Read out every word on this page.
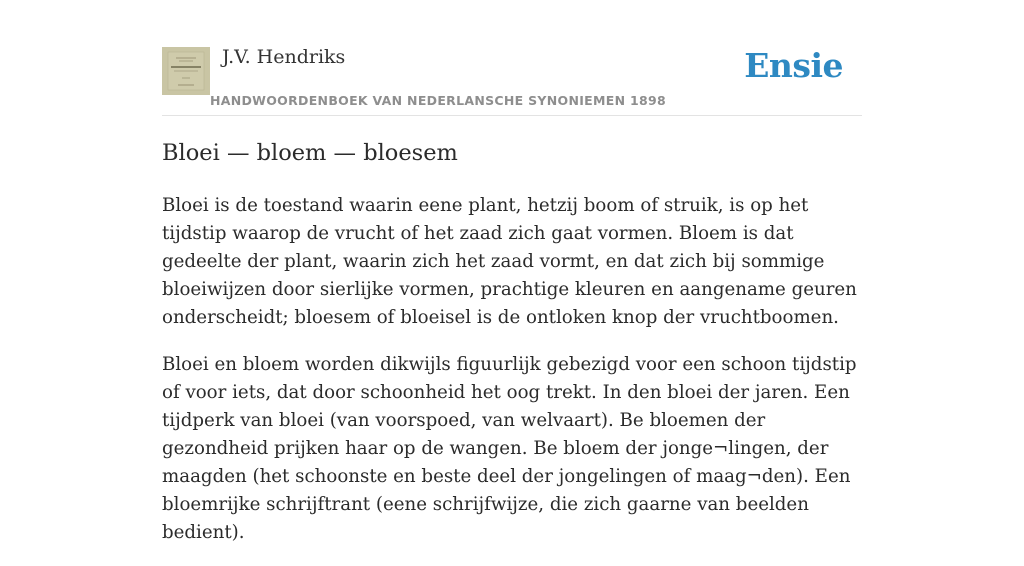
J.V. Hendriks
HANDWOORDENBOEK VAN NEDERLANSCHE SYNONIEMEN 1898
Ensie
Bloei — bloem — bloesem

Bloei is de toestand waarin eene plant, hetzij boom of struik, is op het tijdstip waarop de vrucht of het zaad zich gaat vormen. Bloem is dat gedeelte der plant, waarin zich het zaad vormt, en dat zich bij sommige bloeiwijzen door sierlijke vormen, prachtige kleuren en aangename geuren onderscheidt; bloesem of bloeisel is de ontloken knop der vruchtboomen.

Bloei en bloem worden dikwijls figuurlijk gebezigd voor een schoon tijdstip of voor iets, dat door schoonheid het oog trekt. In den bloei der jaren. Een tijdperk van bloei (van voorspoed, van welvaart). Be bloemen der gezondheid prijken haar op de wangen. Be bloem der jonge¬lingen, der maagden (het schoonste en beste deel der jongelingen of maag¬den). Een bloemrijke schrijftrant (eene schrijfwijze, die zich gaarne van beelden bedient).
